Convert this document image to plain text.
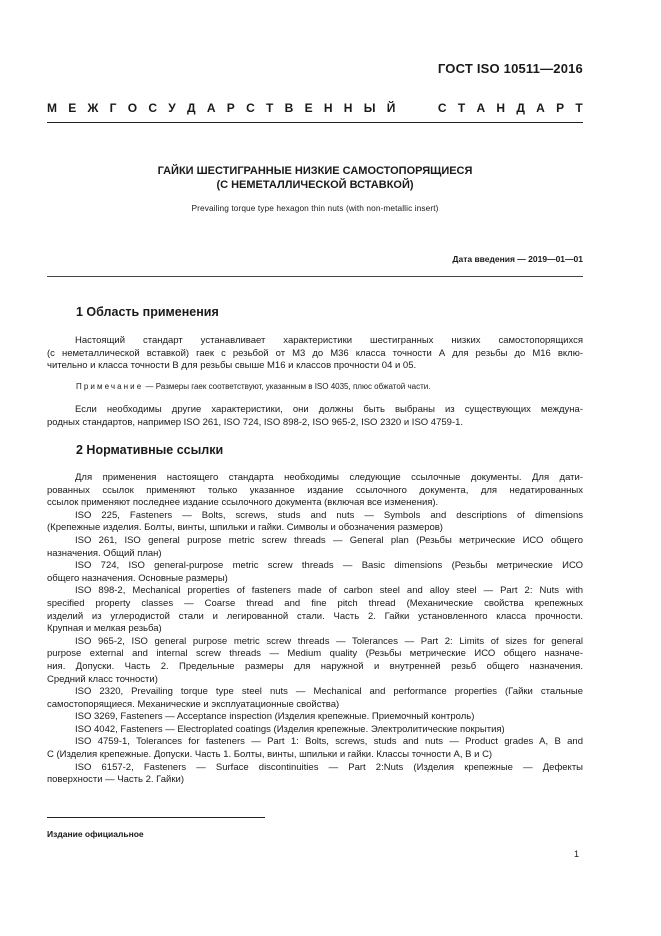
ГОСТ ISO 10511—2016
М Е Ж Г О С У Д А Р С Т В Е Н Н Ы Й	С Т А Н Д А Р Т
ГАЙКИ ШЕСТИГРАННЫЕ НИЗКИЕ САМОСТОПОРЯЩИЕСЯ
(С НЕМЕТАЛЛИЧЕСКОЙ ВСТАВКОЙ)
Prevailing torque type hexagon thin nuts (with non-metallic insert)
Дата введения — 2019—01—01
1 Область применения
Настоящий стандарт устанавливает характеристики шестигранных низких самостопорящихся
(с неметаллической вставкой) гаек с резьбой от М3 до М36 класса точности А для резьбы до М16 вклю-
чительно и класса точности В для резьбы свыше М16 и классов прочности 04 и 05.
Примечание — Размеры гаек соответствуют, указанным в ISO 4035, плюс обжатой части.
Если необходимы другие характеристики, они должны быть выбраны из существующих междуна-
родных стандартов, например ISO 261, ISO 724, ISO 898-2, ISO 965-2, ISO 2320 и ISO 4759-1.
2 Нормативные ссылки
Для применения настоящего стандарта необходимы следующие ссылочные документы. Для дати-
рованных ссылок применяют только указанное издание ссылочного документа, для недатированных
ссылок применяют последнее издание ссылочного документа (включая все изменения).
ISO 225, Fasteners — Bolts, screws, studs and nuts — Symbols and descriptions of dimensions
(Крепежные изделия. Болты, винты, шпильки и гайки. Символы и обозначения размеров)
ISO 261, ISO general purpose metric screw threads — General plan (Резьбы метрические ИСО общего
назначения. Общий план)
ISO 724, ISO general-purpose metric screw threads — Basic dimensions (Резьбы метрические ИСО
общего назначения. Основные размеры)
ISO 898-2, Mechanical properties of fasteners made of carbon steel and alloy steel — Part 2: Nuts with
specified property classes — Coarse thread and fine pitch thread (Механические свойства крепежных
изделий из углеродистой стали и легированной стали. Часть 2. Гайки установленного класса прочности.
Крупная и мелкая резьба)
ISO 965-2, ISO general purpose metric screw threads — Tolerances — Part 2: Limits of sizes for general
purpose external and internal screw threads — Medium quality (Резьбы метрические ИСО общего назначе-
ния. Допуски. Часть 2. Предельные размеры для наружной и внутренней резьб общего назначения.
Средний класс точности)
ISO 2320, Prevailing torque type steel nuts — Mechanical and performance properties (Гайки стальные
самостопорящиеся. Механические и эксплуатационные свойства)
ISO 3269, Fasteners — Acceptance inspection (Изделия крепежные. Приемочный контроль)
ISO 4042, Fasteners — Electroplated coatings (Изделия крепежные. Электролитические покрытия)
ISO 4759-1, Tolerances for fasteners — Part 1: Bolts, screws, studs and nuts — Product grades A, B and
C (Изделия крепежные. Допуски. Часть 1. Болты, винты, шпильки и гайки. Классы точности A, B и C)
ISO 6157-2, Fasteners — Surface discontinuities — Part 2:Nuts (Изделия крепежные — Дефекты
поверхности — Часть 2. Гайки)
Издание официальное
1
